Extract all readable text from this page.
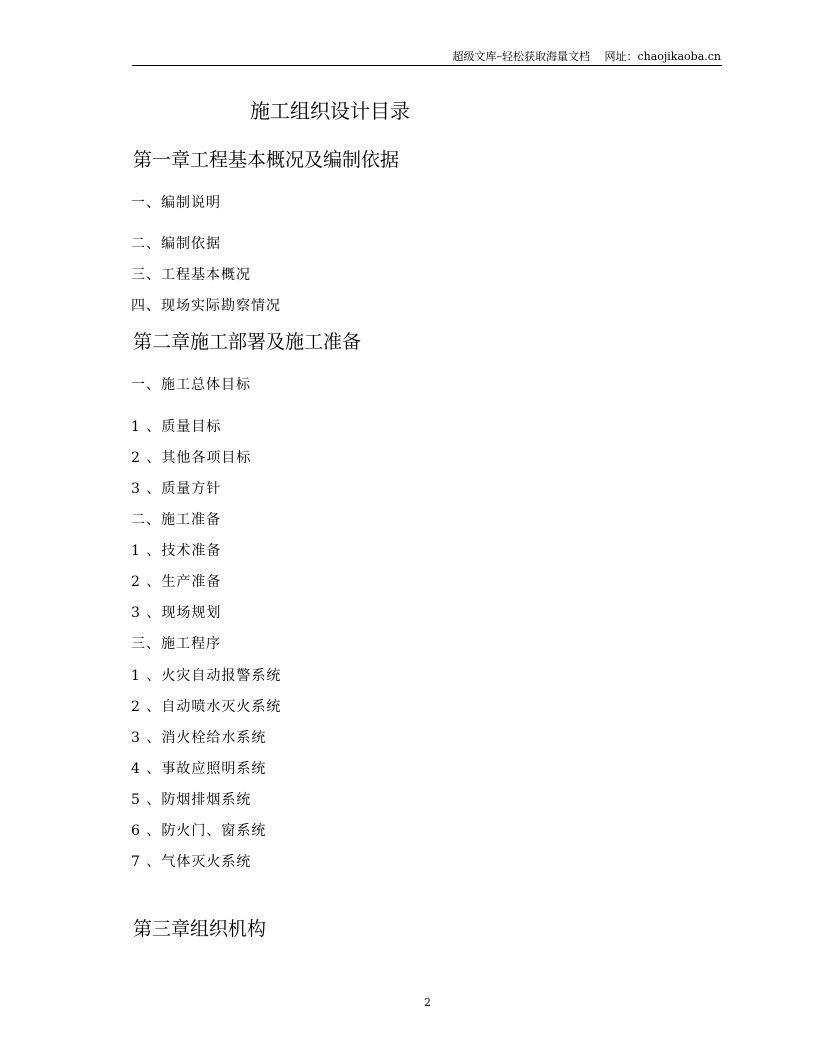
超级文库–轻松获取海量文档　 网址：chaojikaoba.cn
施工组织设计目录
第一章工程基本概况及编制依据
一、编制说明
二、编制依据
三、工程基本概况
四、现场实际勘察情况
第二章施工部署及施工准备
一、施工总体目标
1 、质量目标
2 、其他各项目标
3 、质量方针
二、施工准备
1 、技术准备
2 、生产准备
3 、现场规划
三、施工程序
1 、火灾自动报警系统
2 、自动喷水灭火系统
3 、消火栓给水系统
4 、事故应照明系统
5 、防烟排烟系统
6 、防火门、窗系统
7 、气体灭火系统
第三章组织机构
2
